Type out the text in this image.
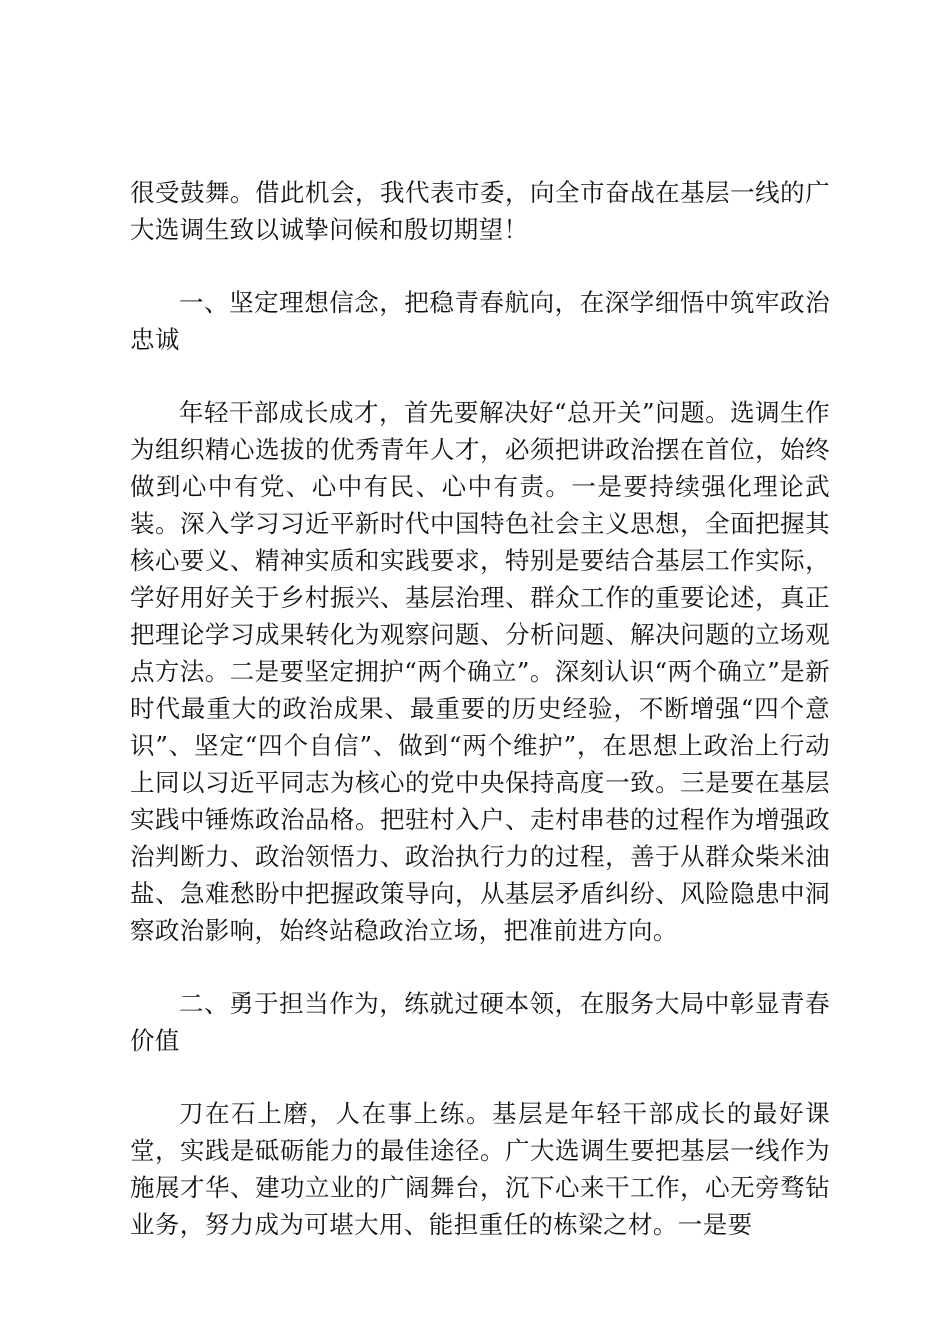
很受鼓舞。借此机会，我代表市委，向全市奋战在基层一线的广大选调生致以诚挚问候和殷切期望！

一、坚定理想信念，把稳青春航向，在深学细悟中筑牢政治忠诚

年轻干部成长成才，首先要解决好“总开关”问题。选调生作为组织精心选拔的优秀青年人才，必须把讲政治摆在首位，始终做到心中有党、心中有民、心中有责。一是要持续强化理论武装。深入学习习近平新时代中国特色社会主义思想，全面把握其核心要义、精神实质和实践要求，特别是要结合基层工作实际，学好用好关于乡村振兴、基层治理、群众工作的重要论述，真正把理论学习成果转化为观察问题、分析问题、解决问题的立场观点方法。二是要坚定拥护“两个确立”。深刻认识“两个确立”是新时代最重大的政治成果、最重要的历史经验，不断增强“四个意识”、坚定“四个自信”、做到“两个维护”，在思想上政治上行动上同以习近平同志为核心的党中央保持高度一致。三是要在基层实践中锤炼政治品格。把驻村入户、走村串巷的过程作为增强政治判断力、政治领悟力、政治执行力的过程，善于从群众柴米油盐、急难愁盼中把握政策导向，从基层矛盾纠纷、风险隐患中洞察政治影响，始终站稳政治立场，把准前进方向。

二、勇于担当作为，练就过硬本领，在服务大局中彰显青春价值

刀在石上磨，人在事上练。基层是年轻干部成长的最好课堂，实践是砥砺能力的最佳途径。广大选调生要把基层一线作为施展才华、建功立业的广阔舞台，沉下心来干工作，心无旁骛钻业务，努力成为可堪大用、能担重任的栋梁之材。一是要
